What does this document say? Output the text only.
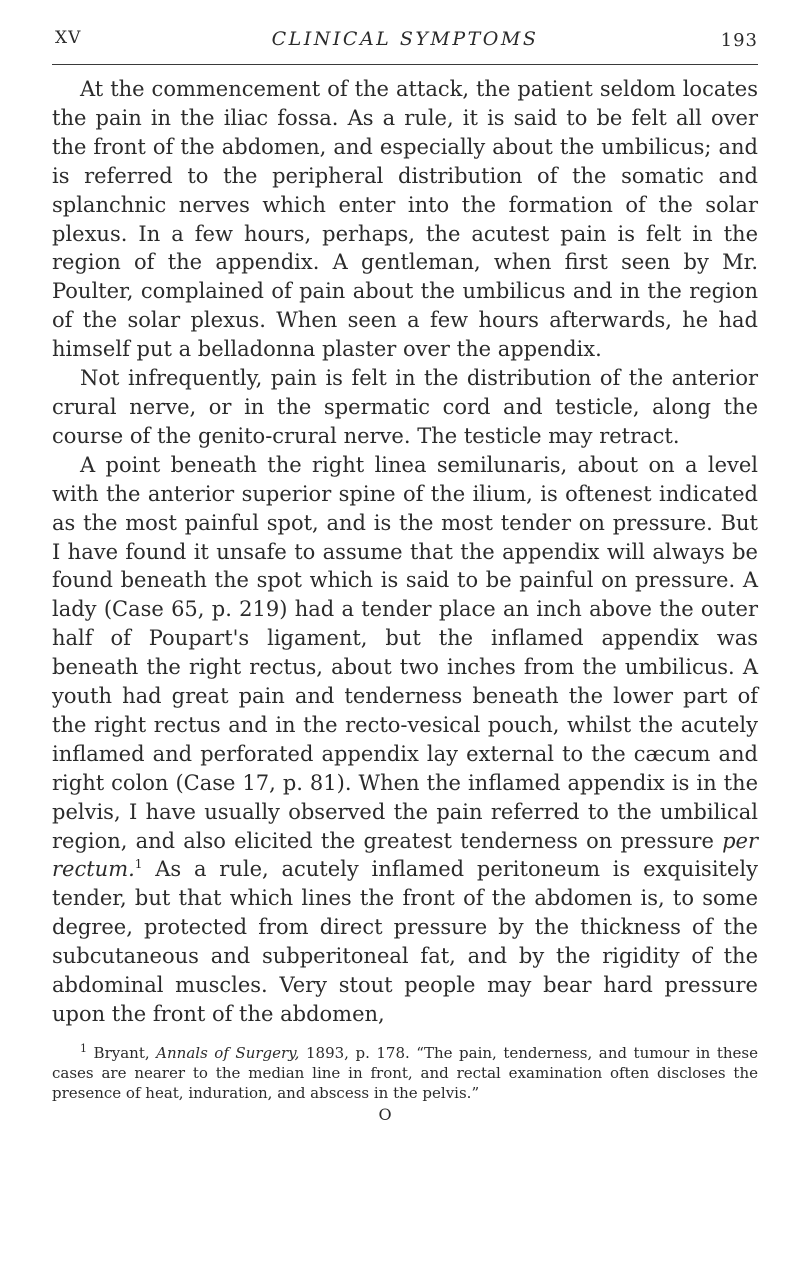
XV	CLINICAL SYMPTOMS	193

At the commencement of the attack, the patient seldom locates the pain in the iliac fossa. As a rule, it is said to be felt all over the front of the abdomen, and especially about the umbilicus; and is referred to the peripheral distribution of the somatic and splanchnic nerves which enter into the formation of the solar plexus. In a few hours, perhaps, the acutest pain is felt in the region of the appendix. A gentleman, when first seen by Mr. Poulter, complained of pain about the umbilicus and in the region of the solar plexus. When seen a few hours afterwards, he had himself put a belladonna plaster over the appendix.

Not infrequently, pain is felt in the distribution of the anterior crural nerve, or in the spermatic cord and testicle, along the course of the genito-crural nerve. The testicle may retract.

A point beneath the right linea semilunaris, about on a level with the anterior superior spine of the ilium, is oftenest indicated as the most painful spot, and is the most tender on pressure. But I have found it unsafe to assume that the appendix will always be found beneath the spot which is said to be painful on pressure. A lady (Case 65, p. 219) had a tender place an inch above the outer half of Poupart's ligament, but the inflamed appendix was beneath the right rectus, about two inches from the umbilicus. A youth had great pain and tenderness beneath the lower part of the right rectus and in the recto-vesical pouch, whilst the acutely inflamed and perforated appendix lay external to the cæcum and right colon (Case 17, p. 81). When the inflamed appendix is in the pelvis, I have usually observed the pain referred to the umbilical region, and also elicited the greatest tenderness on pressure per rectum.$^1$ As a rule, acutely inflamed peritoneum is exquisitely tender, but that which lines the front of the abdomen is, to some degree, protected from direct pressure by the thickness of the subcutaneous and subperitoneal fat, and by the rigidity of the abdominal muscles. Very stout people may bear hard pressure upon the front of the abdomen,

$^1$ Bryant, Annals of Surgery, 1893, p. 178. “The pain, tenderness, and tumour in these cases are nearer to the median line in front, and rectal examination often discloses the presence of heat, induration, and abscess in the pelvis.”

O
